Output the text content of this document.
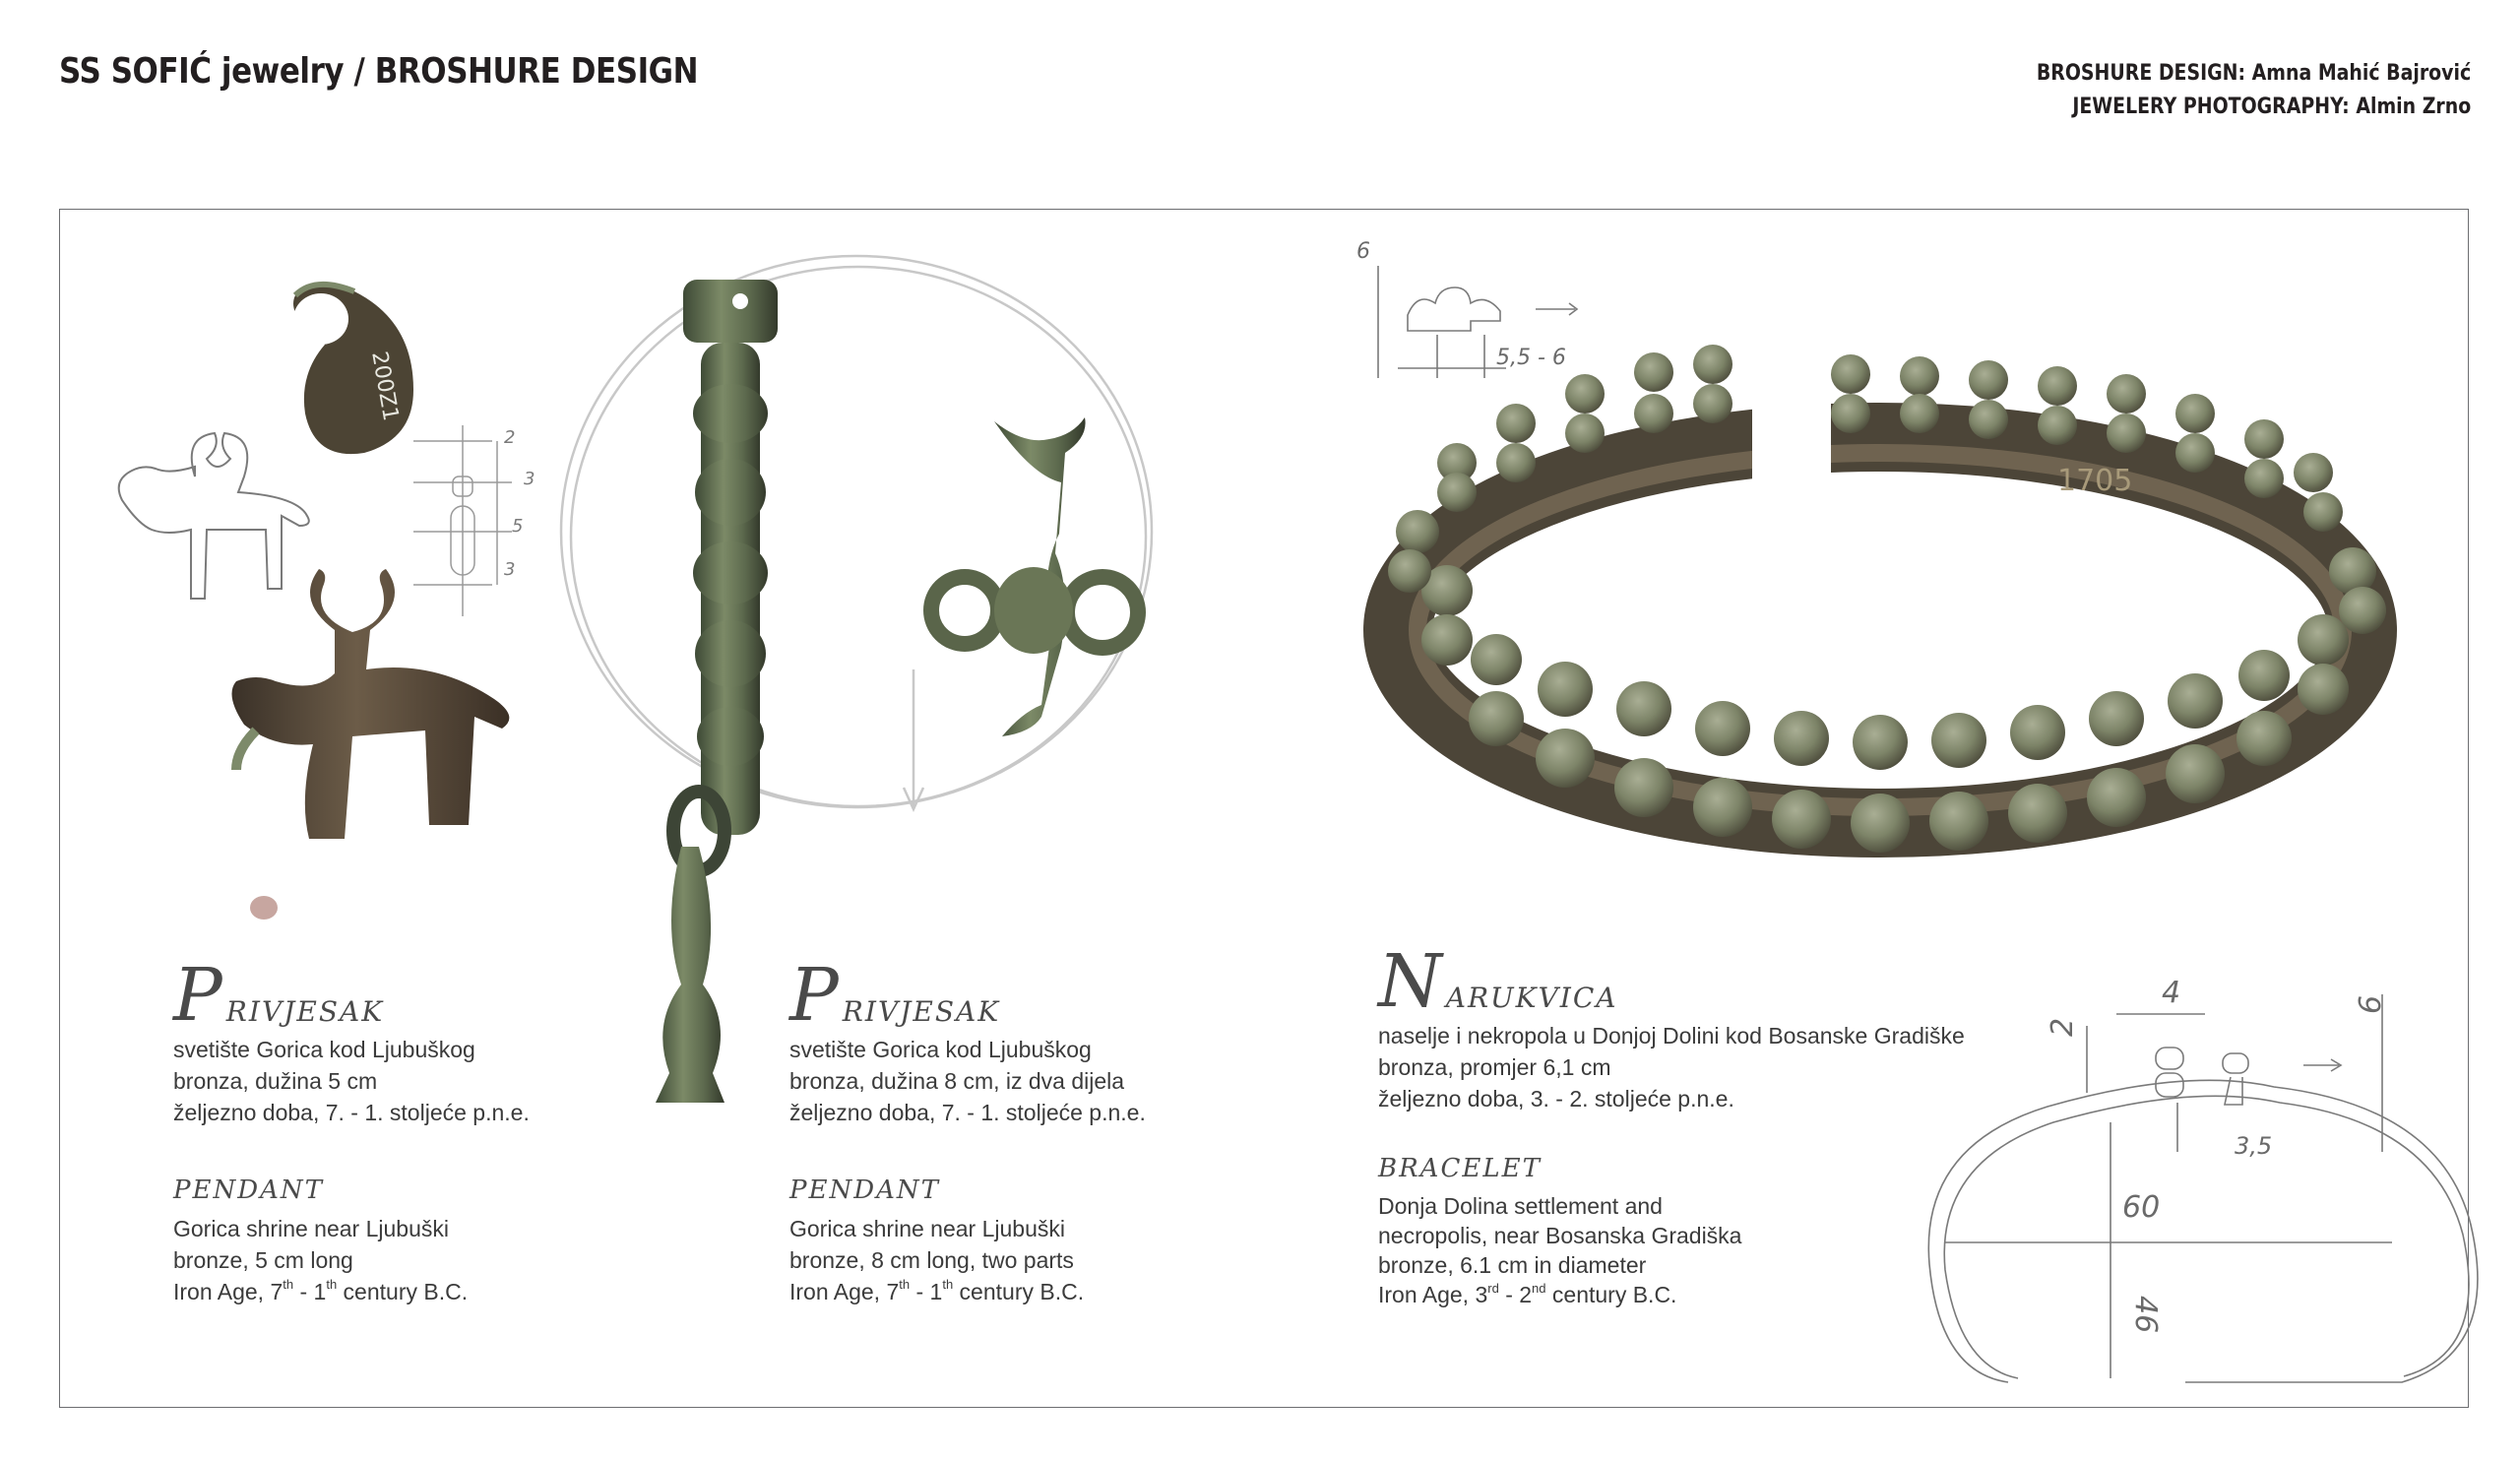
SS SOFIĆ jewelry / BROSHURE DESIGN	BROSHURE DESIGN: Amna Mahić Bajrović
JEWELERY PHOTOGRAPHY: Almin Zrno
2
3
5
3
200Z1
6
5,5 - 6
1705
2
4	6
3,5
60
46
P RIVJESAK
svetište Gorica kod Ljubuškog
bronza, dužina 5 cm
željezno doba, 7. - 1. stoljeće p.n.e.
PENDANT
Gorica shrine near Ljubuški
bronze, 5 cm long
Iron Age, 7th - 1th century B.C.
P RIVJESAK
svetište Gorica kod Ljubuškog
bronza, dužina 8 cm, iz dva dijela
željezno doba, 7. - 1. stoljeće p.n.e.
PENDANT
Gorica shrine near Ljubuški
bronze, 8 cm long, two parts
Iron Age, 7th - 1th century B.C.
N ARUKVICA
naselje i nekropola u Donjoj Dolini kod Bosanske Gradiške
bronza, promjer 6,1 cm
željezno doba, 3. - 2. stoljeće p.n.e.
BRACELET
Donja Dolina settlement and
necropolis, near Bosanska Gradiška
bronze, 6.1 cm in diameter
Iron Age, 3rd - 2nd century B.C.
